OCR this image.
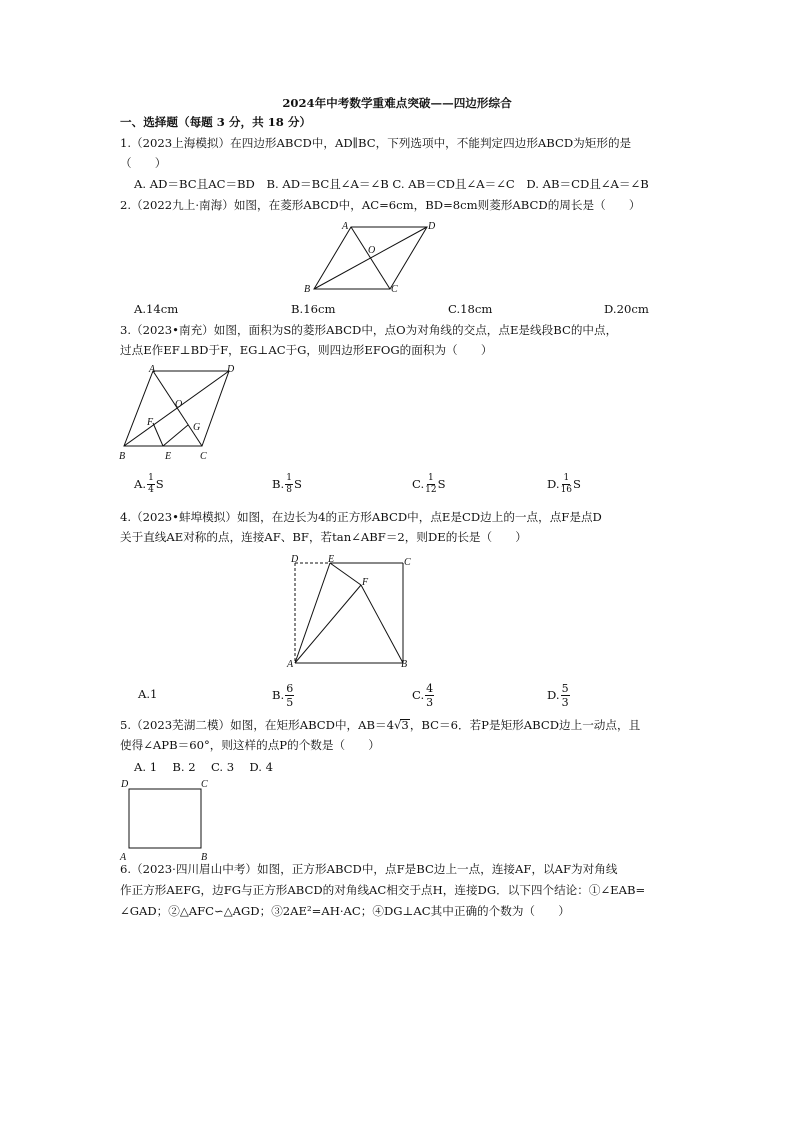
2024年中考数学重难点突破——四边形综合
一、选择题（每题 3 分，共 18 分）
1.（2023上海模拟）在四边形ABCD中，AD∥BC，下列选项中，不能判定四边形ABCD为矩形的是
（　　）
A. AD＝BC且AC＝BD　B. AD＝BC且∠A＝∠B C. AB＝CD且∠A＝∠C　D. AB＝CD且∠A＝∠B
2.（2022九上·南海）如图，在菱形ABCD中，AC=6cm，BD=8cm则菱形ABCD的周长是（　　）
A	D
B	C
O
A.14cm	B.16cm	C.18cm	D.20cm
3.（2023•南充）如图，面积为S的菱形ABCD中，点O为对角线的交点，点E是线段BC的中点，
过点E作EF⊥BD于F，EG⊥AC于G，则四边形EFOG的面积为（　　）
A	D
B	C
O
F	G
E
A. $\frac{1}{4}$ S	B. $\frac{1}{8}$ S	C. $\frac{1}{12}$ S	D. $\frac{1}{16}$ S
4.（2023•蚌埠模拟）如图，在边长为4的正方形ABCD中，点E是CD边上的一点，点F是点D
关于直线AE对称的点，连接AF、BF，若tan∠ABF＝2，则DE的长是（　　）
D	E	C
F
A	B
A.1	B. $\frac{6}{5}$	C. $\frac{4}{3}$	D. $\frac{5}{3}$
5.（2023芜湖二模）如图，在矩形ABCD中，AB＝4√3，BC＝6．若P是矩形ABCD边上一动点，且
使得∠APB＝60°，则这样的点P的个数是（　　）
A. 1　 B. 2　 C. 3　 D. 4
D	C
A	B
6.（2023·四川眉山中考）如图，正方形ABCD中，点F是BC边上一点，连接AF，以AF为对角线
作正方形AEFG，边FG与正方形ABCD的对角线AC相交于点H，连接DG．以下四个结论：①∠EAB=
∠GAD；②△AFC∽△AGD；③2AE²=AH·AC；④DG⊥AC其中正确的个数为（　　）
